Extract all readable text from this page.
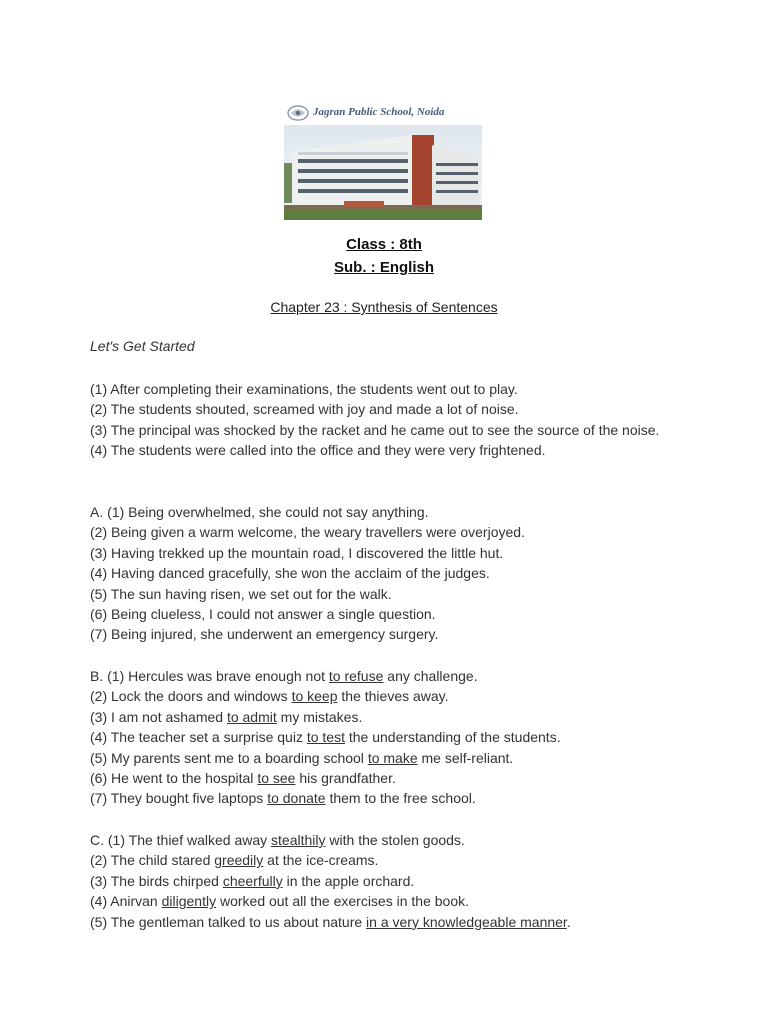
Jagran Public School, Noida
Class : 8th
Sub. : English
Chapter 23 : Synthesis of Sentences
Let's Get Started
(1) After completing their examinations, the students went out to play.
(2) The students shouted, screamed with joy and made a lot of noise.
(3) The principal was shocked by the racket and he came out to see the source of the noise.
(4) The students were called into the office and they were very frightened.
A. (1) Being overwhelmed, she could not say anything.
(2) Being given a warm welcome, the weary travellers were overjoyed.
(3) Having trekked up the mountain road, I discovered the little hut.
(4) Having danced gracefully, she won the acclaim of the judges.
(5) The sun having risen, we set out for the walk.
(6) Being clueless, I could not answer a single question.
(7) Being injured, she underwent an emergency surgery.
B. (1) Hercules was brave enough not to refuse any challenge.
(2) Lock the doors and windows to keep the thieves away.
(3) I am not ashamed to admit my mistakes.
(4) The teacher set a surprise quiz to test the understanding of the students.
(5) My parents sent me to a boarding school to make me self-reliant.
(6) He went to the hospital to see his grandfather.
(7) They bought five laptops to donate them to the free school.
C. (1) The thief walked away stealthily with the stolen goods.
(2) The child stared greedily at the ice-creams.
(3) The birds chirped cheerfully in the apple orchard.
(4) Anirvan diligently worked out all the exercises in the book.
(5) The gentleman talked to us about nature in a very knowledgeable manner.
